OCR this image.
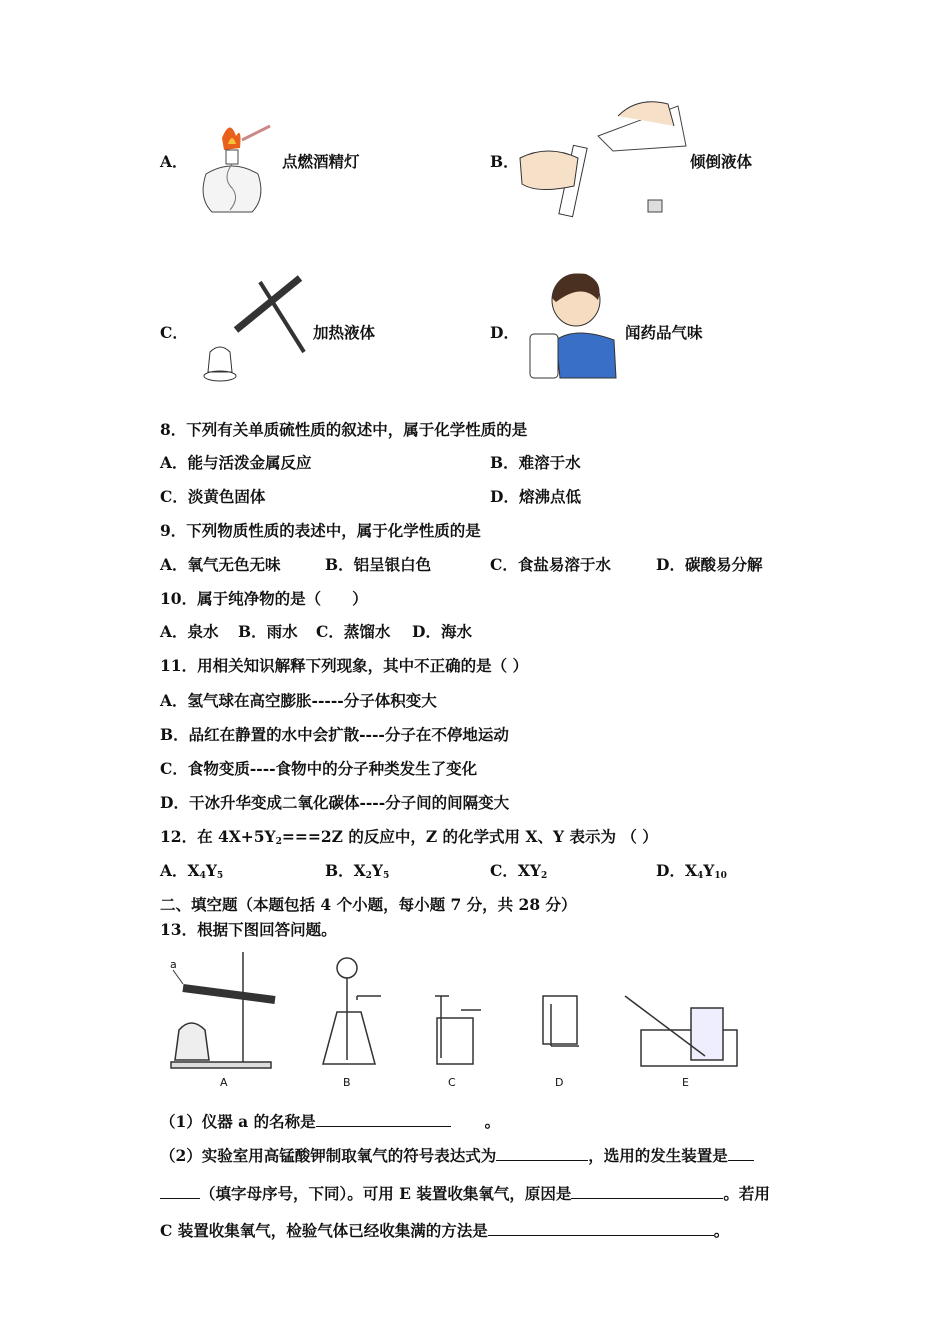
A．	点燃酒精灯	B．	倾倒液体
C．	加热液体	D．	闻药品气味
8．下列有关单质硫性质的叙述中，属于化学性质的是
A．能与活泼金属反应	B．难溶于水
C．淡黄色固体	D．熔沸点低
9．下列物质性质的表述中，属于化学性质的是
A．氧气无色无味	B．铝呈银白色	C．食盐易溶于水	D．碳酸易分解
10．属于纯净物的是（　　）
A．泉水 B．雨水 C．蒸馏水 D．海水
11．用相关知识解释下列现象，其中不正确的是（ ）
A．氢气球在高空膨胀-----分子体积变大
B．品红在静置的水中会扩散----分子在不停地运动
C．食物变质----食物中的分子种类发生了变化
D．干冰升华变成二氧化碳体----分子间的间隔变大
12．在 $4X+5Y_2===2Z$ 的反应中，Z 的化学式用 X、Y 表示为 （ ）
A．$X_4Y_5$	B．$X_2Y_5$	C．$XY_2$	D．$X_4Y_{10}$
二、填空题（本题包括 4 个小题，每小题 7 分，共 28 分）
13．根据下图回答问题。
a
A	B	C	D	E
（1）仪器 a 的名称是	。
（2）实验室用高锰酸钾制取氧气的符号表达式为	，选用的发生装置是
（填字母序号，下同）。可用 E 装置收集氧气，原因是	。若用
C 装置收集氧气，检验气体已经收集满的方法是	。
